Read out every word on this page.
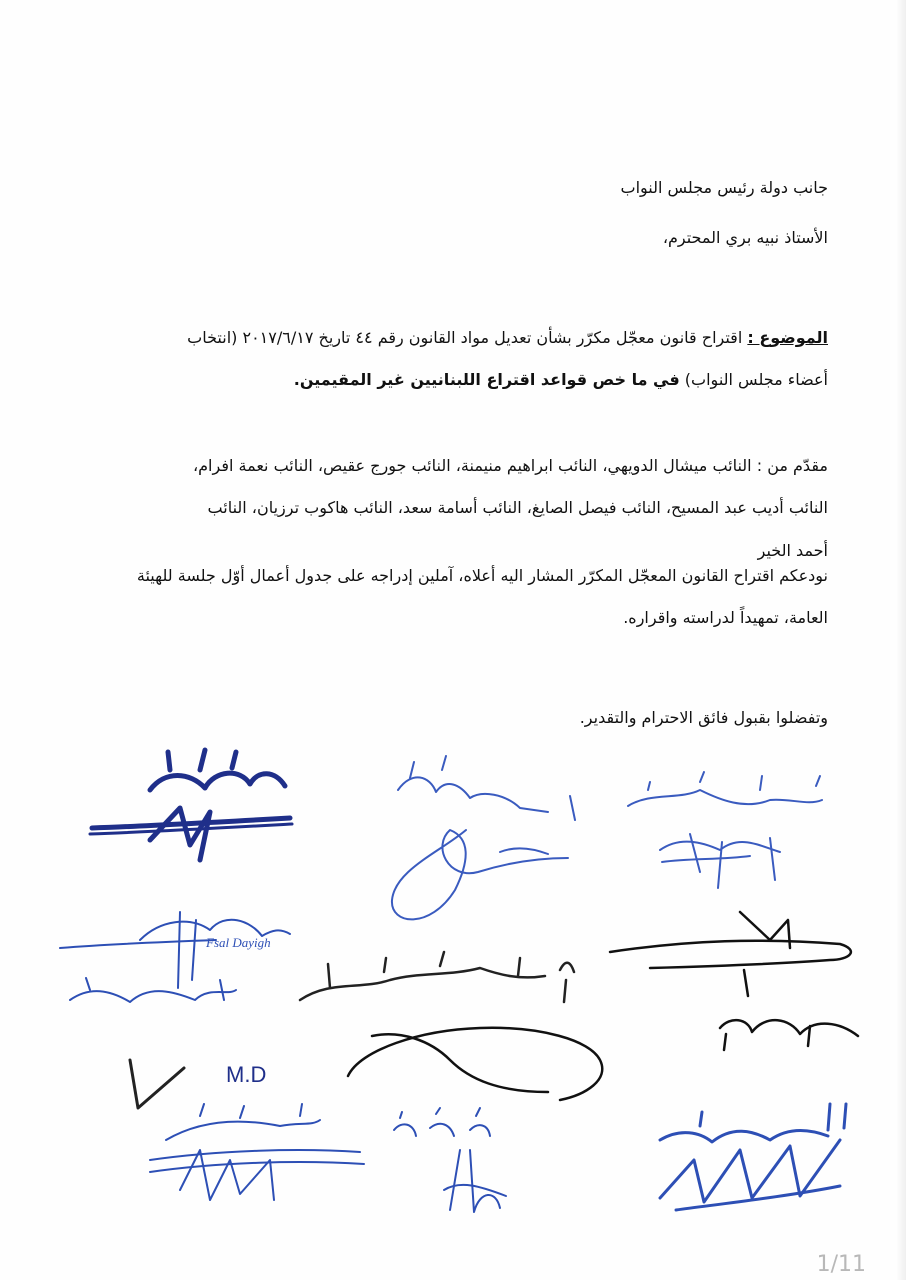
جانب دولة رئيس مجلس النواب
الأستاذ نبيه بري المحترم،
الموضوع : اقتراح قانون معجّل مكرّر بشأن تعديل مواد القانون رقم ٤٤ تاريخ ٢٠١٧/٦/١٧ (انتخاب
أعضاء مجلس النواب) في ما خص قواعد اقتراع اللبنانيين غير المقيمين.
مقدّم من : النائب ميشال الدويهي، النائب ابراهيم منيمنة، النائب جورج عقيص، النائب نعمة افرام،
النائب أديب عبد المسيح، النائب فيصل الصايغ، النائب أسامة سعد، النائب هاكوب ترزيان، النائب
أحمد الخير
نودعكم اقتراح القانون المعجّل المكرّر المشار اليه أعلاه، آملين إدراجه على جدول أعمال أوّل جلسة للهيئة
العامة، تمهيداً لدراسته واقراره.
وتفضلوا بقبول فائق الاحترام والتقدير.
Fsal Dayigh
M.D
1/11
